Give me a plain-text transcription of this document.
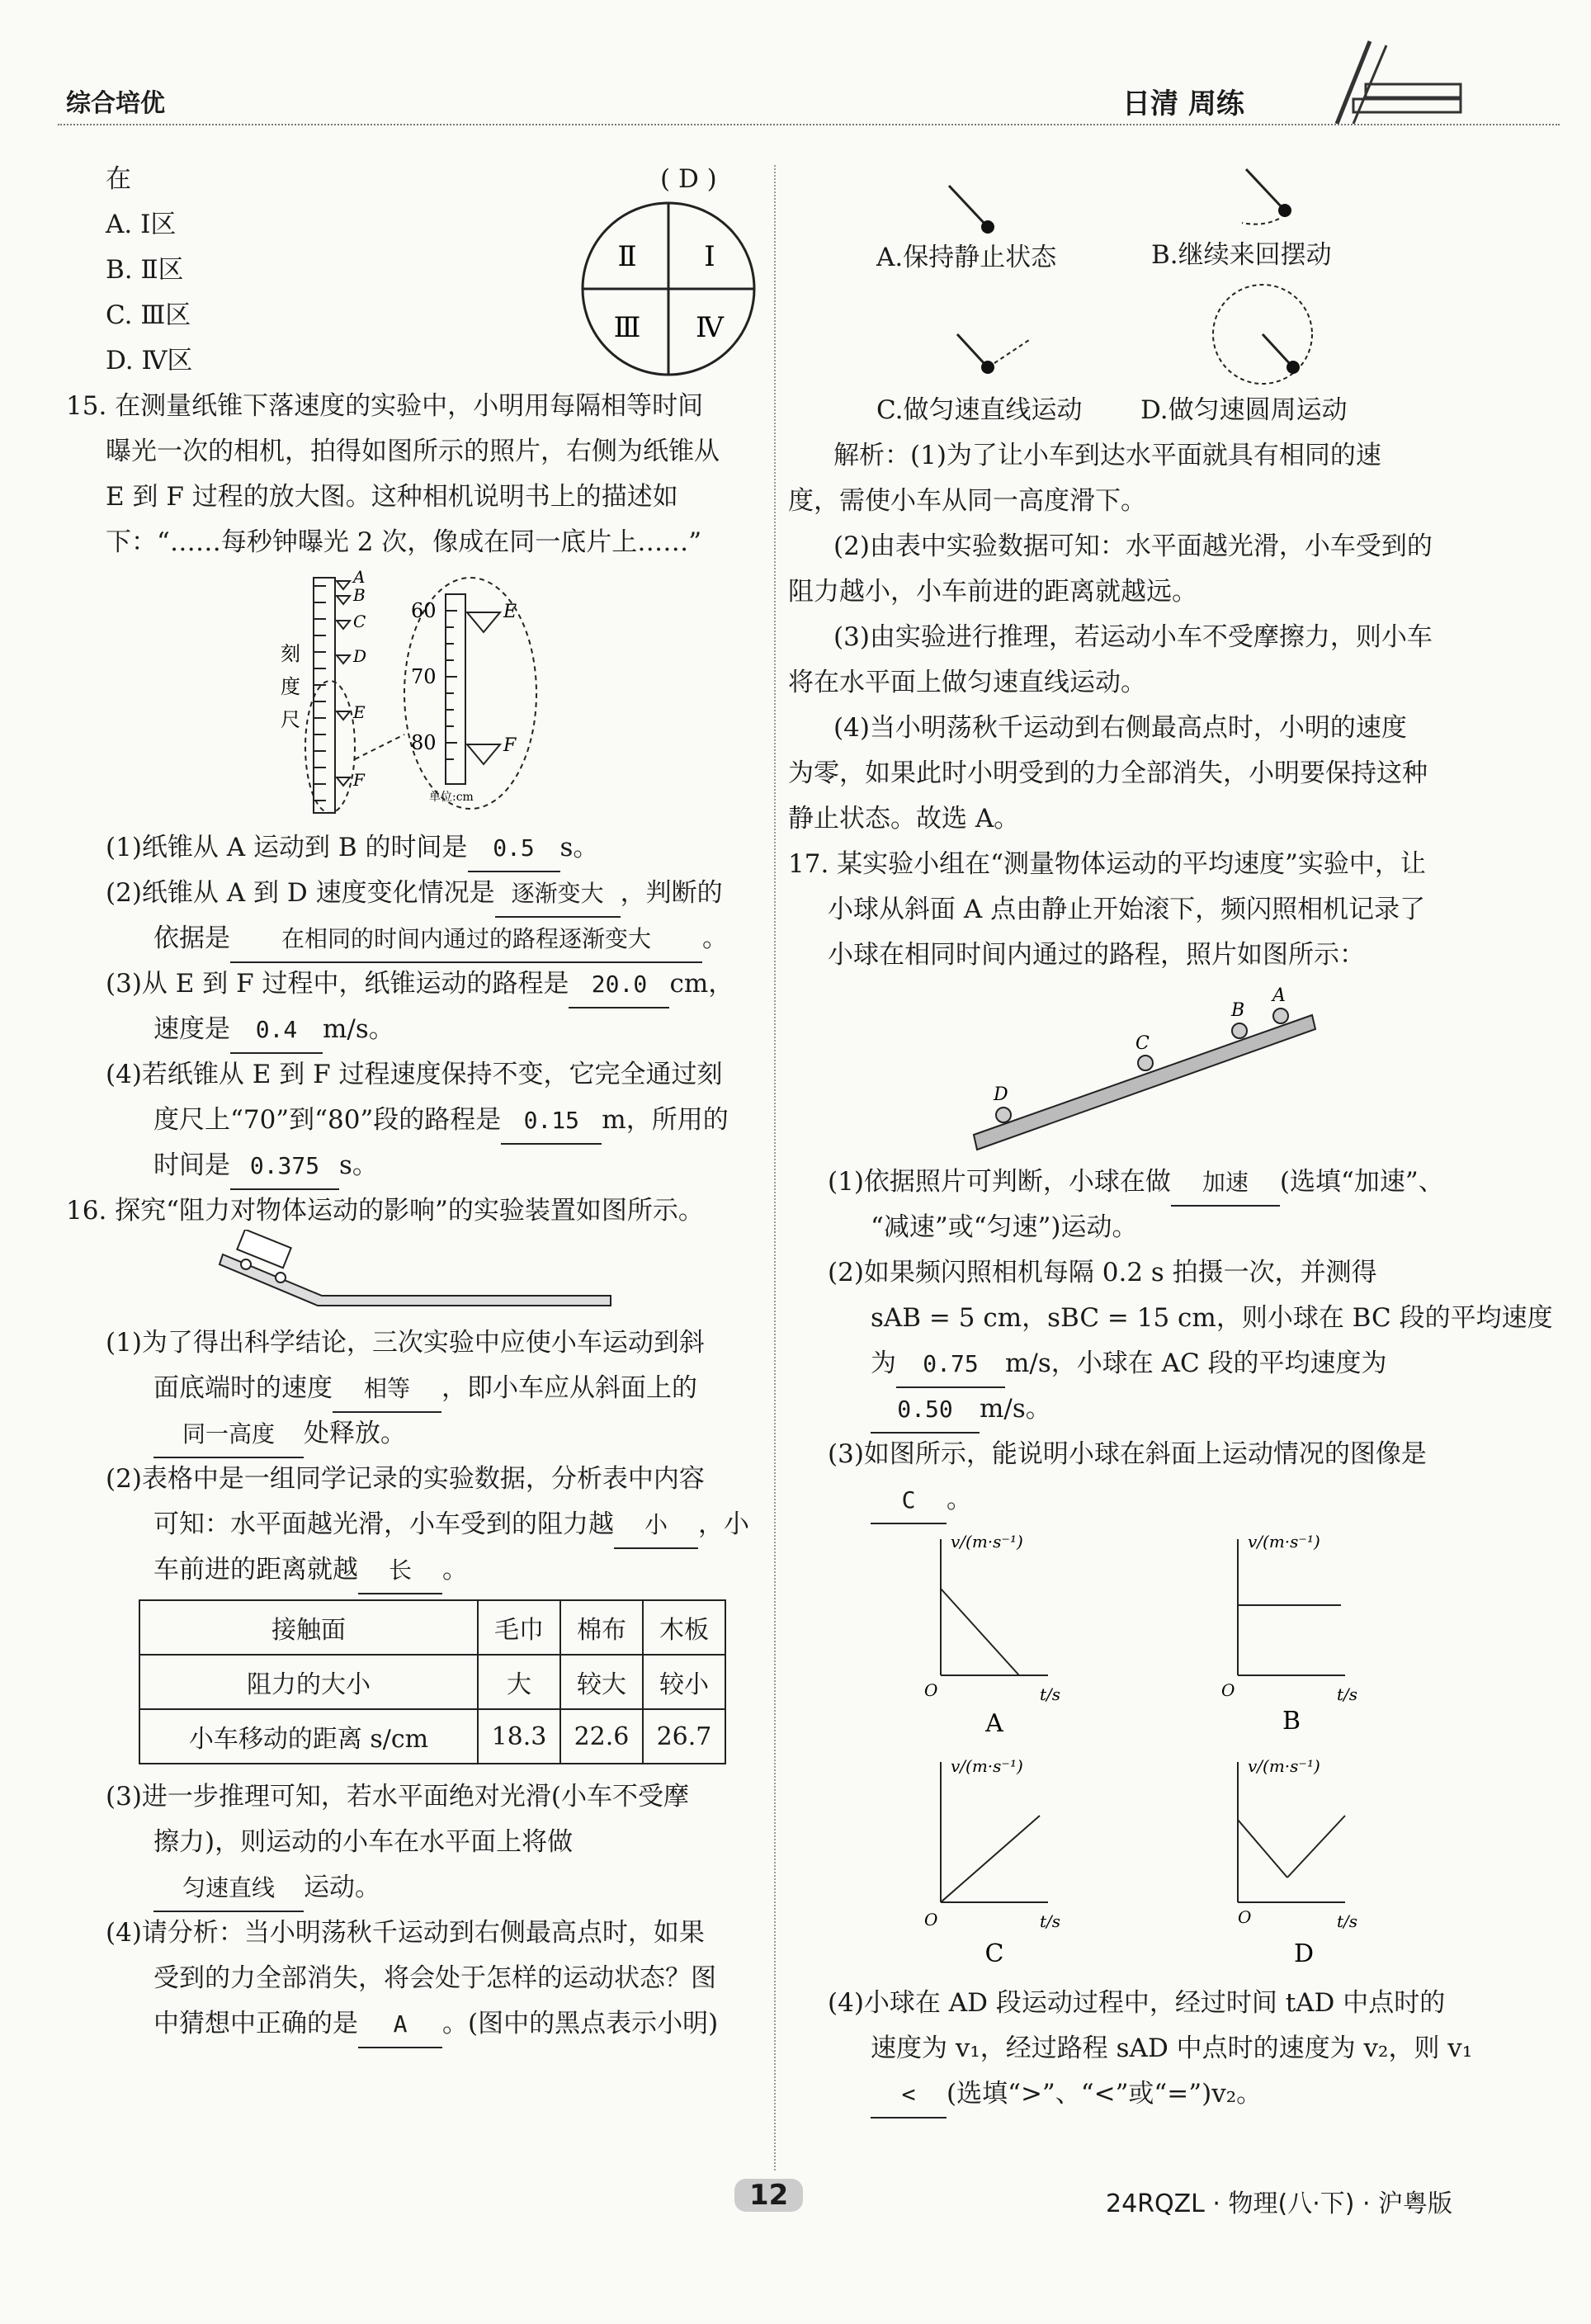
综合培优	日清 周练
在	( D )
A. Ⅰ区
B. Ⅱ区
C. Ⅲ区
D. Ⅳ区
Ⅱ Ⅰ
Ⅲ Ⅳ
15. 在测量纸锥下落速度的实验中，小明用每隔相等时间
曝光一次的相机，拍得如图所示的照片，右侧为纸锥从
E 到 F 过程的放大图。这种相机说明书上的描述如
下：“……每秒钟曝光 2 次，像成在同一底片上……”
A
B
C
D
E
F
刻
度
尺
60
70
80
E
F
单位:cm
(1)纸锥从 A 运动到 B 的时间是 0.5 s。
(2)纸锥从 A 到 D 速度变化情况是 逐渐变大 ，判断的
依据是 在相同的时间内通过的路程逐渐变大 。
(3)从 E 到 F 过程中，纸锥运动的路程是 20.0 cm，
速度是 0.4 m/s。
(4)若纸锥从 E 到 F 过程速度保持不变，它完全通过刻
度尺上“70”到“80”段的路程是 0.15 m，所用的
时间是 0.375 s。
16. 探究“阻力对物体运动的影响”的实验装置如图所示。
(1)为了得出科学结论，三次实验中应使小车运动到斜
面底端时的速度 相等 ，即小车应从斜面上的
同一高度 处释放。
(2)表格中是一组同学记录的实验数据，分析表中内容
可知：水平面越光滑，小车受到的阻力越 小 ，小
车前进的距离就越 长 。
接触面	毛巾	棉布	木板
阻力的大小	大	较大	较小
小车移动的距离 s/cm	18.3	22.6	26.7
(3)进一步推理可知，若水平面绝对光滑(小车不受摩
擦力)，则运动的小车在水平面上将做
匀速直线 运动。
(4)请分析：当小明荡秋千运动到右侧最高点时，如果
受到的力全部消失，将会处于怎样的运动状态？图
中猜想中正确的是 A 。(图中的黑点表示小明)
A.保持静止状态	B.继续来回摆动
C.做匀速直线运动 D.做匀速圆周运动
解析：(1)为了让小车到达水平面就具有相同的速
度，需使小车从同一高度滑下。
(2)由表中实验数据可知：水平面越光滑，小车受到的
阻力越小，小车前进的距离就越远。
(3)由实验进行推理，若运动小车不受摩擦力，则小车
将在水平面上做匀速直线运动。
(4)当小明荡秋千运动到右侧最高点时，小明的速度
为零，如果此时小明受到的力全部消失，小明要保持这种
静止状态。故选 A。
17. 某实验小组在“测量物体运动的平均速度”实验中，让
小球从斜面 A 点由静止开始滚下，频闪照相机记录了
小球在相同时间内通过的路程，照片如图所示：
A
B
C
D
(1)依据照片可判断，小球在做 加速 (选填“加速”、
“减速”或“匀速”)运动。
(2)如果频闪照相机每隔 0.2 s 拍摄一次，并测得
sAB = 5 cm，sBC = 15 cm，则小球在 BC 段的平均速度
为 0.75 m/s，小球在 AC 段的平均速度为
0.50 m/s。
(3)如图所示，能说明小球在斜面上运动情况的图像是
C 。
v/(m·s⁻¹)	v/(m·s⁻¹)
O	O
t/s	t/s
A	B
v/(m·s⁻¹)	v/(m·s⁻¹)
O	O
t/s	t/s
C	D
(4)小球在 AD 段运动过程中，经过时间 tAD 中点时的
速度为 v₁，经过路程 sAD 中点时的速度为 v₂，则 v₁
< (选填“>”、“<”或“=”)v₂。
12	24RQZL · 物理(八·下) · 沪粤版
